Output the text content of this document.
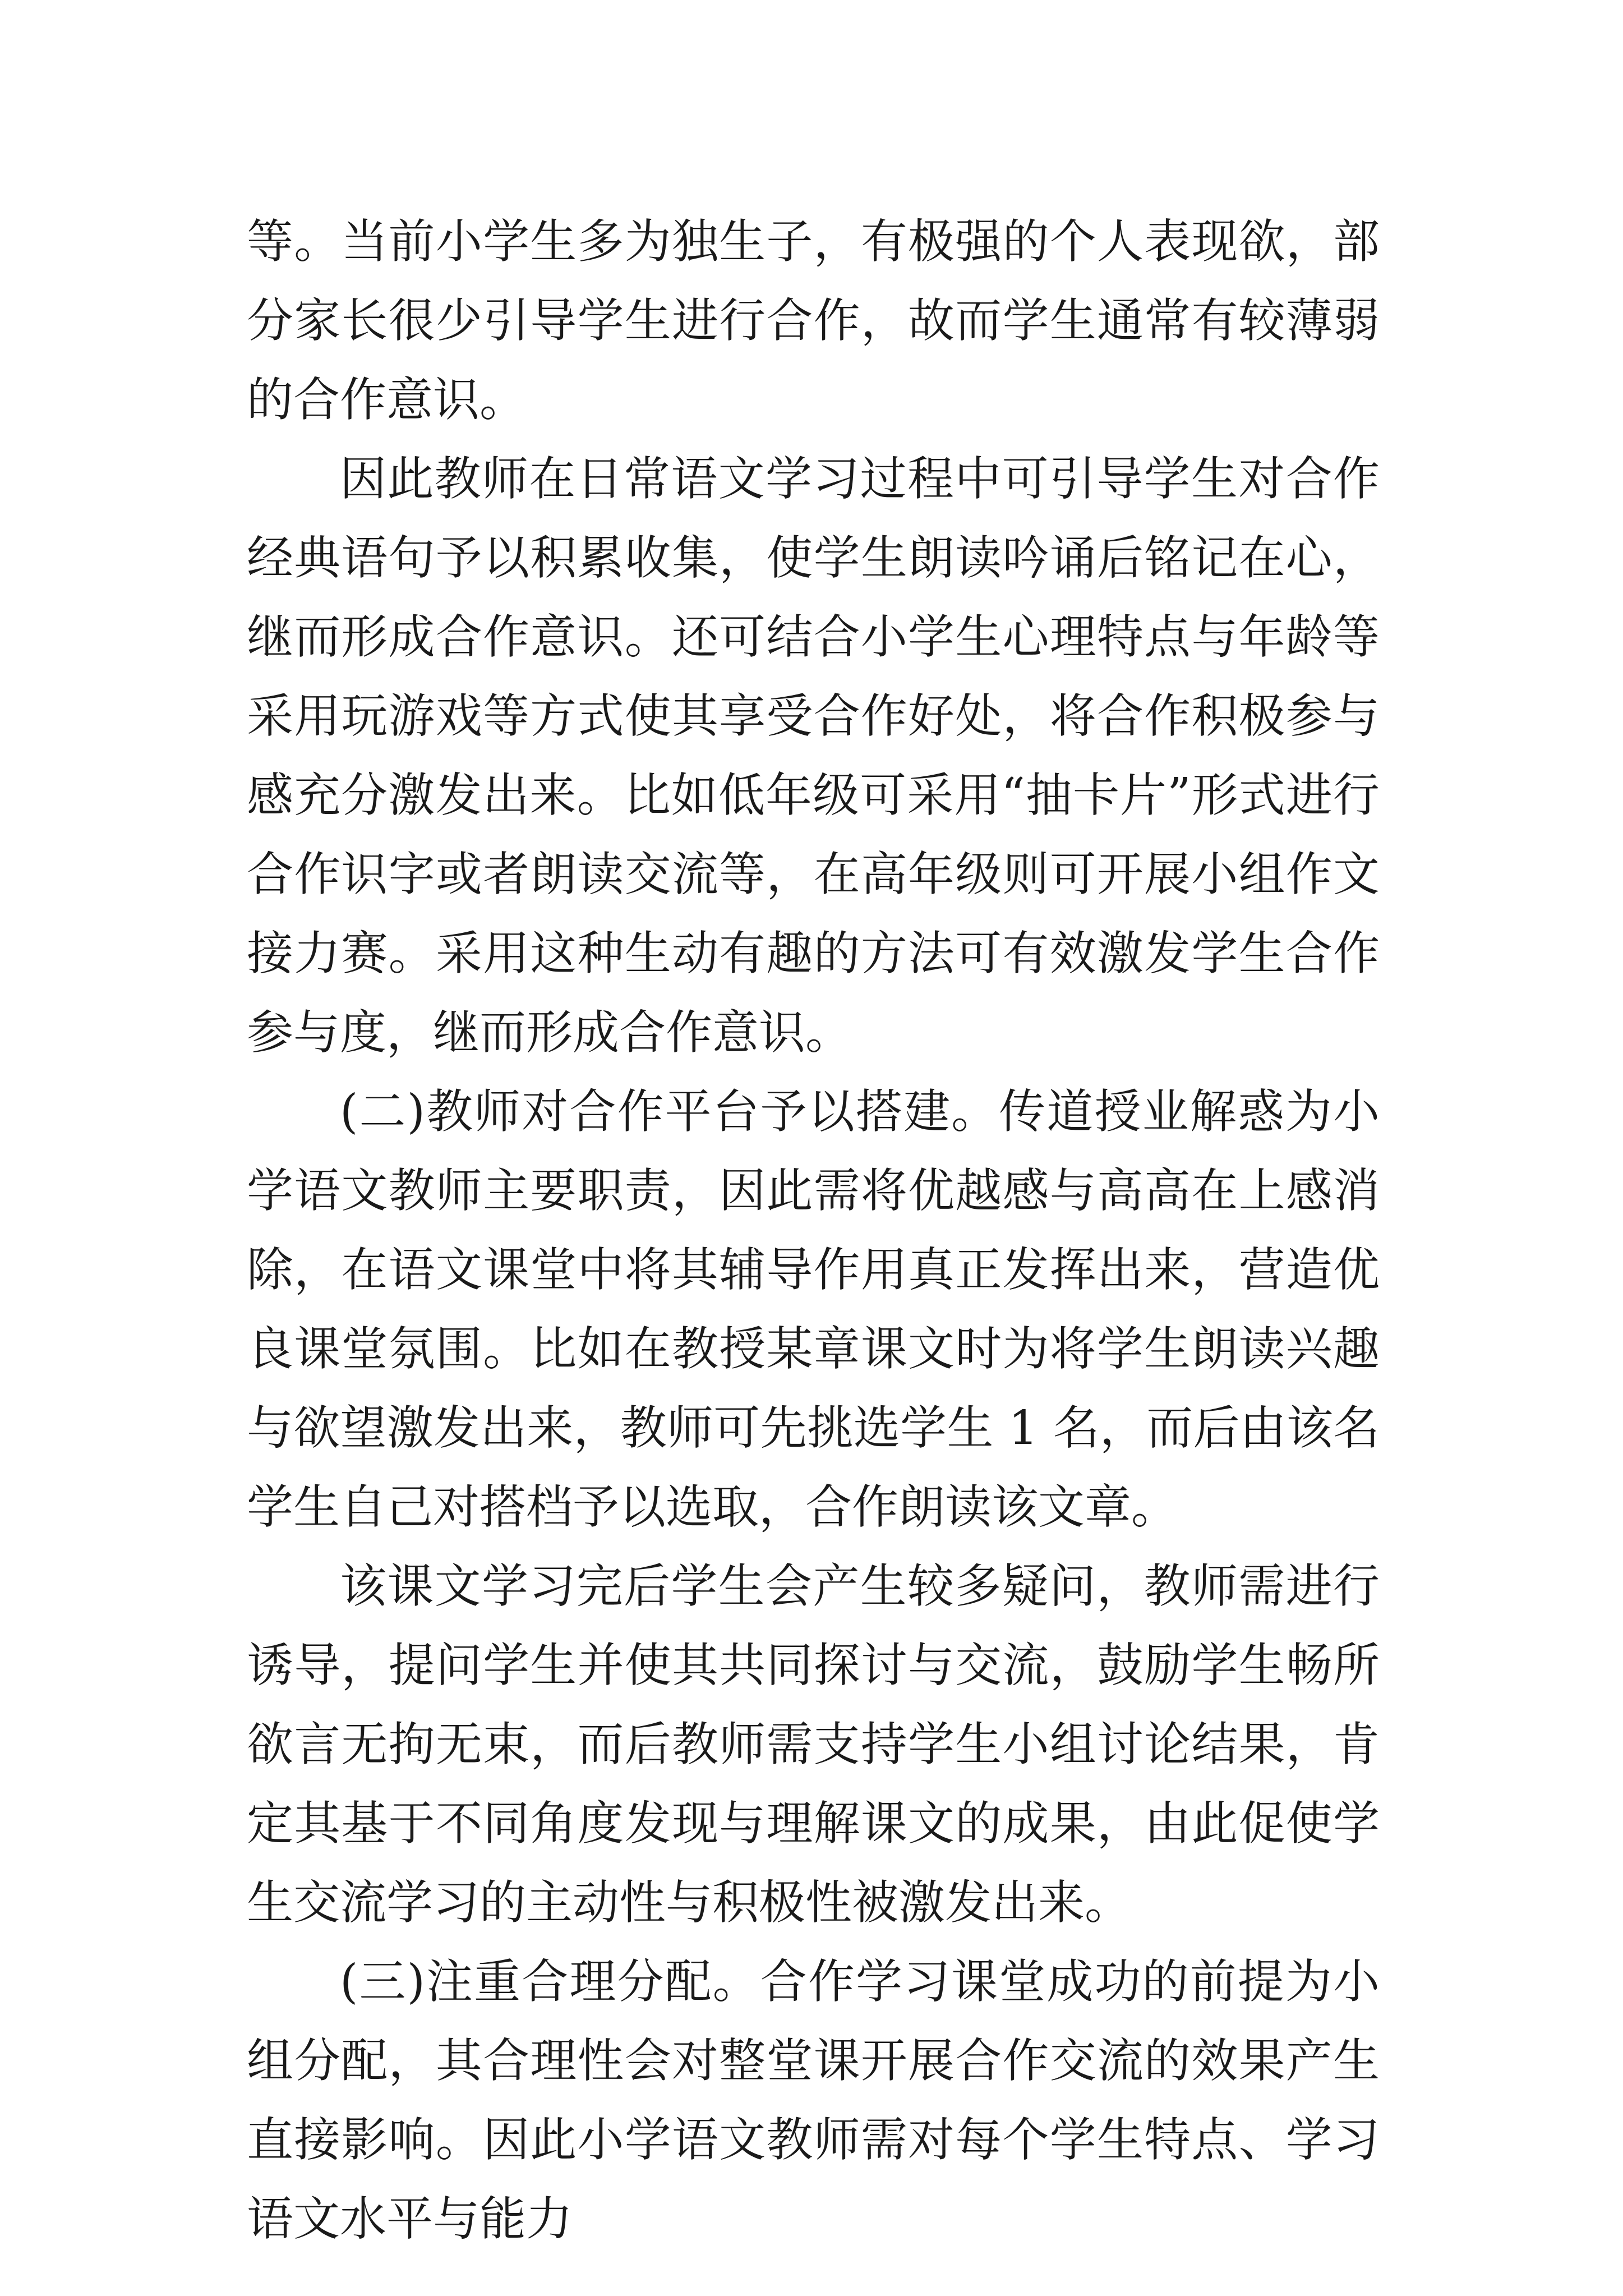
等。当前小学生多为独生子，有极强的个人表现欲，部分家长很少引导学生进行合作，故而学生通常有较薄弱的合作意识。

因此教师在日常语文学习过程中可引导学生对合作经典语句予以积累收集，使学生朗读吟诵后铭记在心，继而形成合作意识。还可结合小学生心理特点与年龄等采用玩游戏等方式使其享受合作好处，将合作积极参与感充分激发出来。比如低年级可采用“抽卡片”形式进行合作识字或者朗读交流等，在高年级则可开展小组作文接力赛。采用这种生动有趣的方法可有效激发学生合作参与度，继而形成合作意识。

(二)教师对合作平台予以搭建。传道授业解惑为小学语文教师主要职责，因此需将优越感与高高在上感消除，在语文课堂中将其辅导作用真正发挥出来，营造优良课堂氛围。比如在教授某章课文时为将学生朗读兴趣与欲望激发出来，教师可先挑选学生 1 名，而后由该名学生自己对搭档予以选取，合作朗读该文章。

该课文学习完后学生会产生较多疑问，教师需进行诱导，提问学生并使其共同探讨与交流，鼓励学生畅所欲言无拘无束，而后教师需支持学生小组讨论结果，肯定其基于不同角度发现与理解课文的成果，由此促使学生交流学习的主动性与积极性被激发出来。

(三)注重合理分配。合作学习课堂成功的前提为小组分配，其合理性会对整堂课开展合作交流的效果产生直接影响。因此小学语文教师需对每个学生特点、学习语文水平与能力
